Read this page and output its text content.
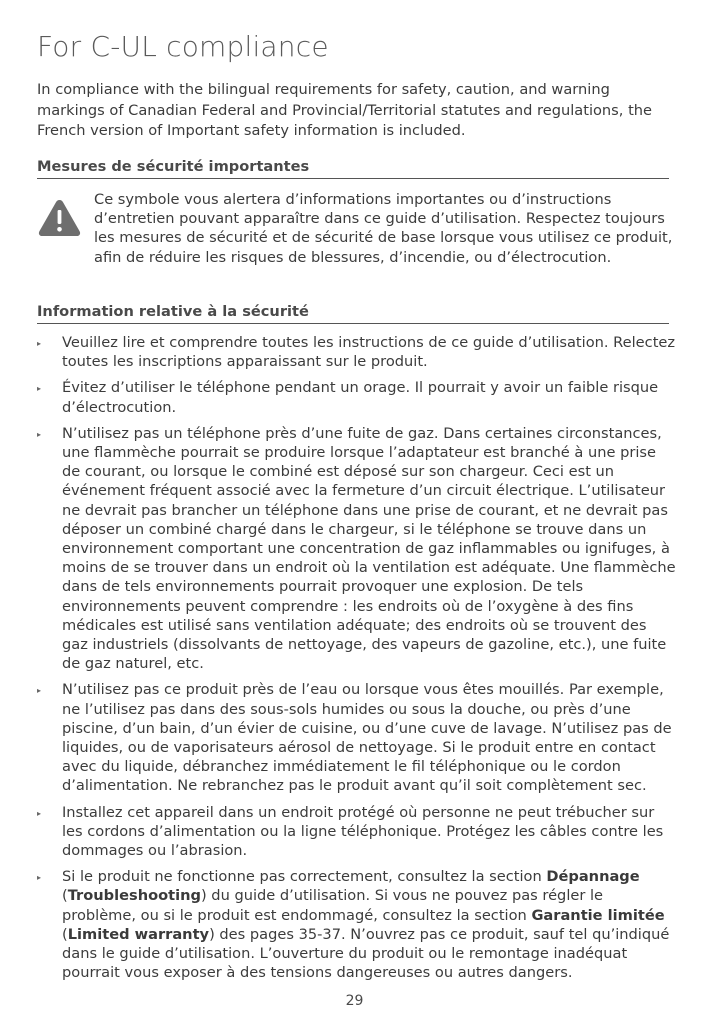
For C-UL compliance

In compliance with the bilingual requirements for safety, caution, and warning markings of Canadian Federal and Provincial/Territorial statutes and regulations, the French version of Important safety information is included.

Mesures de sécurité importantes

Ce symbole vous alertera d’informations importantes ou d’instructions d’entretien pouvant apparaître dans ce guide d’utilisation. Respectez toujours les mesures de sécurité et de sécurité de base lorsque vous utilisez ce produit, afin de réduire les risques de blessures, d’incendie, ou d’électrocution.

Information relative à la sécurité
▸ Veuillez lire et comprendre toutes les instructions de ce guide d’utilisation. Relectez toutes les inscriptions apparaissant sur le produit.
▸ Évitez d’utiliser le téléphone pendant un orage. Il pourrait y avoir un faible risque d’électrocution.
▸ N’utilisez pas un téléphone près d’une fuite de gaz. Dans certaines circonstances, une flammèche pourrait se produire lorsque l’adaptateur est branché à une prise de courant, ou lorsque le combiné est déposé sur son chargeur. Ceci est un événement fréquent associé avec la fermeture d’un circuit électrique. L’utilisateur ne devrait pas brancher un téléphone dans une prise de courant, et ne devrait pas déposer un combiné chargé dans le chargeur, si le téléphone se trouve dans un environnement comportant une concentration de gaz inflammables ou ignifuges, à moins de se trouver dans un endroit où la ventilation est adéquate. Une flammèche dans de tels environnements pourrait provoquer une explosion. De tels environnements peuvent comprendre : les endroits où de l’oxygène à des fins médicales est utilisé sans ventilation adéquate; des endroits où se trouvent des gaz industriels (dissolvants de nettoyage, des vapeurs de gazoline, etc.), une fuite de gaz naturel, etc.
▸ N’utilisez pas ce produit près de l’eau ou lorsque vous êtes mouillés. Par exemple, ne l’utilisez pas dans des sous-sols humides ou sous la douche, ou près d’une piscine, d’un bain, d’un évier de cuisine, ou d’une cuve de lavage. N’utilisez pas de liquides, ou de vaporisateurs aérosol de nettoyage. Si le produit entre en contact avec du liquide, débranchez immédiatement le fil téléphonique ou le cordon d’alimentation. Ne rebranchez pas le produit avant qu’il soit complètement sec.
▸ Installez cet appareil dans un endroit protégé où personne ne peut trébucher sur les cordons d’alimentation ou la ligne téléphonique. Protégez les câbles contre les dommages ou l’abrasion.
▸ Si le produit ne fonctionne pas correctement, consultez la section Dépannage (Troubleshooting) du guide d’utilisation. Si vous ne pouvez pas régler le problème, ou si le produit est endommagé, consultez la section Garantie limitée (Limited warranty) des pages 35-37. N’ouvrez pas ce produit, sauf tel qu’indiqué dans le guide d’utilisation. L’ouverture du produit ou le remontage inadéquat pourrait vous exposer à des tensions dangereuses ou autres dangers.
29
